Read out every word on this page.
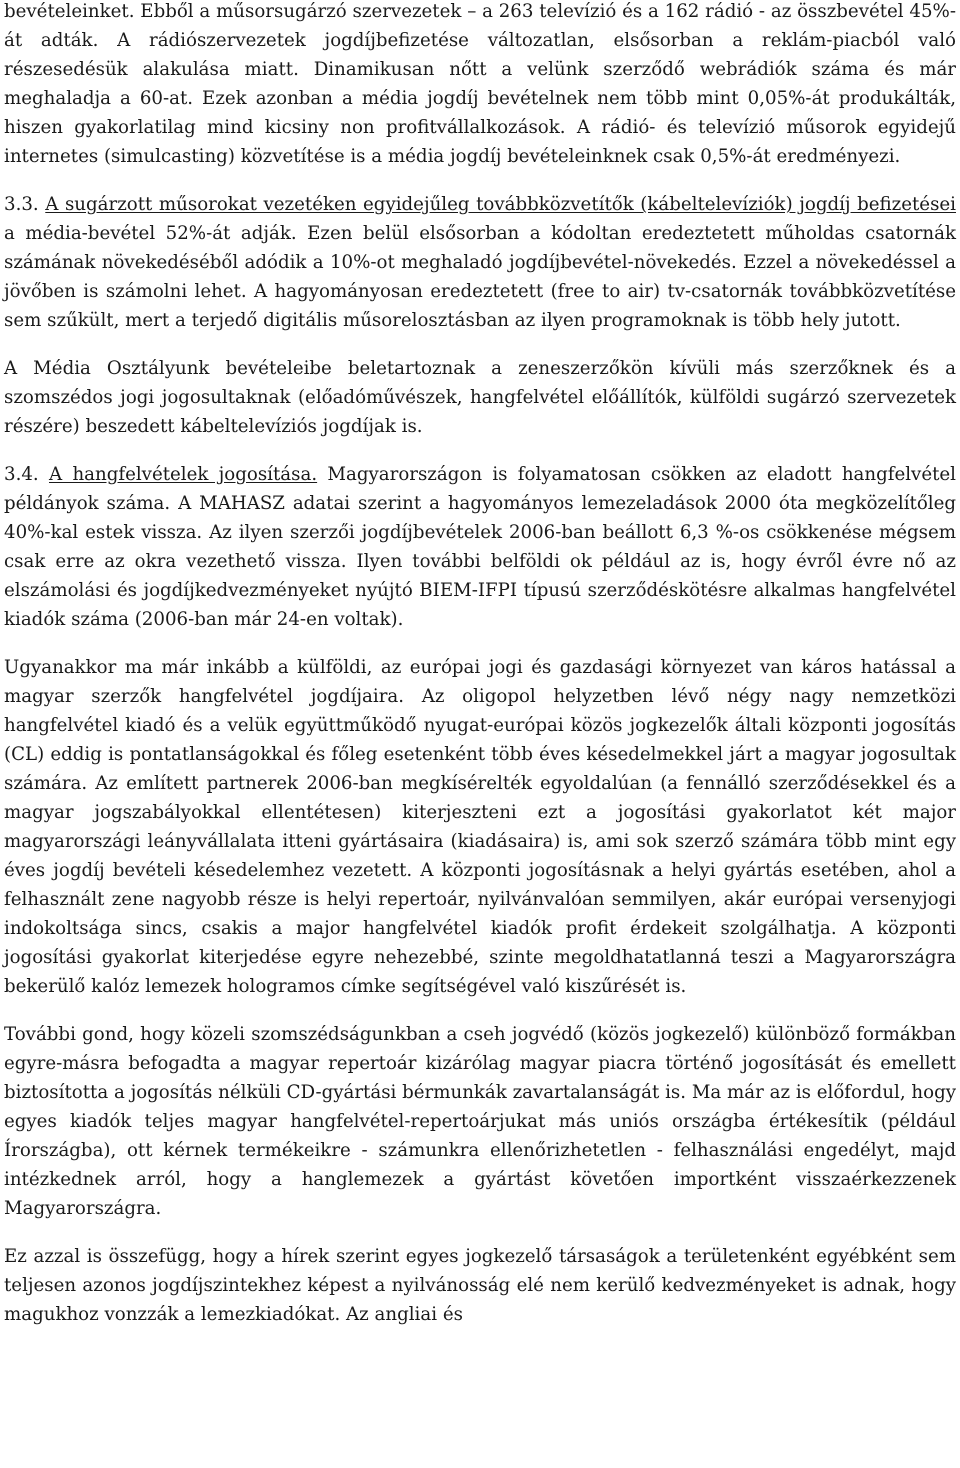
bevételeinket. Ebből a műsorsugárzó szervezetek – a 263 televízió és a 162 rádió - az összbevétel 45%-át adták. A rádiószervezetek jogdíjbefizetése változatlan, elsősorban a reklám-piacból való részesedésük alakulása miatt. Dinamikusan nőtt a velünk szerződő webrádiók száma és már meghaladja a 60-at. Ezek azonban a média jogdíj bevételnek nem több mint 0,05%-át produkálták, hiszen gyakorlatilag mind kicsiny non profitvállalkozások. A rádió- és televízió műsorok egyidejű internetes (simulcasting) közvetítése is a média jogdíj bevételeinknek csak 0,5%-át eredményezi.

3.3. A sugárzott műsorokat vezetéken egyidejűleg továbbközvetítők (kábeltelevíziók) jogdíj befizetései a média-bevétel 52%-át adják. Ezen belül elsősorban a kódoltan eredeztetett műholdas csatornák számának növekedéséből adódik a 10%-ot meghaladó jogdíjbevétel-növekedés. Ezzel a növekedéssel a jövőben is számolni lehet. A hagyományosan eredeztetett (free to air) tv-csatornák továbbközvetítése sem szűkült, mert a terjedő digitális műsorelosztásban az ilyen programoknak is több hely jutott.

A Média Osztályunk bevételeibe beletartoznak a zeneszerzőkön kívüli más szerzőknek és a szomszédos jogi jogosultaknak (előadóművészek, hangfelvétel előállítók, külföldi sugárzó szervezetek részére) beszedett kábeltelevíziós jogdíjak is.

3.4. A hangfelvételek jogosítása. Magyarországon is folyamatosan csökken az eladott hangfelvétel példányok száma. A MAHASZ adatai szerint a hagyományos lemezeladások 2000 óta megközelítőleg 40%-kal estek vissza. Az ilyen szerzői jogdíjbevételek 2006-ban beállott 6,3 %-os csökkenése mégsem csak erre az okra vezethető vissza. Ilyen további belföldi ok például az is, hogy évről évre nő az elszámolási és jogdíjkedvezményeket nyújtó BIEM-IFPI típusú szerződéskötésre alkalmas hangfelvétel kiadók száma (2006-ban már 24-en voltak).

Ugyanakkor ma már inkább a külföldi, az európai jogi és gazdasági környezet van káros hatással a magyar szerzők hangfelvétel jogdíjaira. Az oligopol helyzetben lévő négy nagy nemzetközi hangfelvétel kiadó és a velük együttműködő nyugat-európai közös jogkezelők általi központi jogosítás (CL) eddig is pontatlanságokkal és főleg esetenként több éves késedelmekkel járt a magyar jogosultak számára. Az említett partnerek 2006-ban megkísérelték egyoldalúan (a fennálló szerződésekkel és a magyar jogszabályokkal ellentétesen) kiterjeszteni ezt a jogosítási gyakorlatot két major magyarországi leányvállalata itteni gyártásaira (kiadásaira) is, ami sok szerző számára több mint egy éves jogdíj bevételi késedelemhez vezetett. A központi jogosításnak a helyi gyártás esetében, ahol a felhasznált zene nagyobb része is helyi repertoár, nyilvánvalóan semmilyen, akár európai versenyjogi indokoltsága sincs, csakis a major hangfelvétel kiadók profit érdekeit szolgálhatja. A központi jogosítási gyakorlat kiterjedése egyre nehezebbé, szinte megoldhatatlanná teszi a Magyarországra bekerülő kalóz lemezek hologramos címke segítségével való kiszűrését is.

További gond, hogy közeli szomszédságunkban a cseh jogvédő (közös jogkezelő) különböző formákban egyre-másra befogadta a magyar repertoár kizárólag magyar piacra történő jogosítását és emellett biztosította a jogosítás nélküli CD-gyártási bérmunkák zavartalanságát is. Ma már az is előfordul, hogy egyes kiadók teljes magyar hangfelvétel-repertoárjukat más uniós országba értékesítik (például Írországba), ott kérnek termékeikre - számunkra ellenőrizhetetlen - felhasználási engedélyt, majd intézkednek arról, hogy a hanglemezek a gyártást követően importként visszaérkezzenek Magyarországra.

Ez azzal is összefügg, hogy a hírek szerint egyes jogkezelő társaságok a területenként egyébként sem teljesen azonos jogdíjszintekhez képest a nyilvánosság elé nem kerülő kedvezményeket is adnak, hogy magukhoz vonzzák a lemezkiadókat. Az angliai és
